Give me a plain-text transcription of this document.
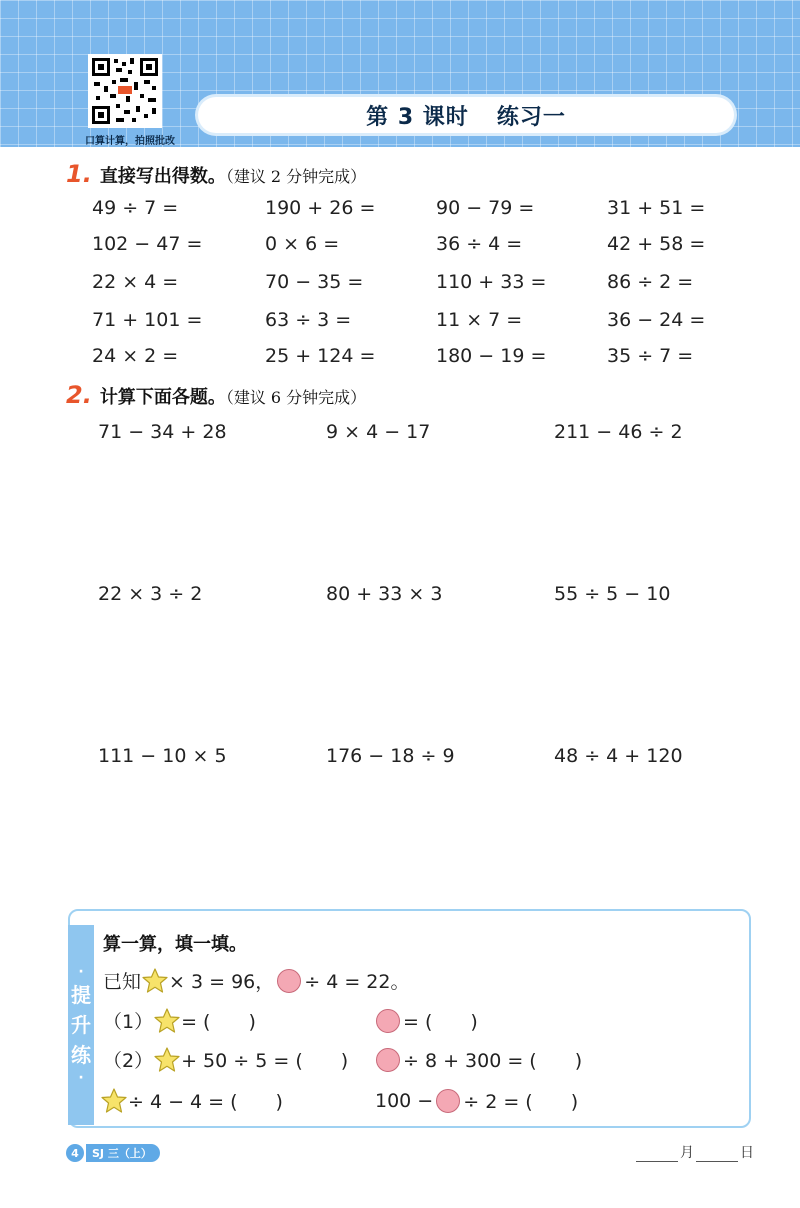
口算计算，拍照批改
第 3 课时 练习一
1. 直接写出得数。（建议 2 分钟完成）
49 ÷ 7 =	190 + 26 =	90 − 79 =	31 + 51 =
102 − 47 =	0 × 6 =	36 ÷ 4 =	42 + 58 =
22 × 4 =	70 − 35 =	110 + 33 =	86 ÷ 2 =
71 + 101 =	63 ÷ 3 =	11 × 7 =	36 − 24 =
24 × 2 =	25 + 124 =	180 − 19 =	35 ÷ 7 =
2. 计算下面各题。（建议 6 分钟完成）
71 − 34 + 28	9 × 4 − 17	211 − 46 ÷ 2
22 × 3 ÷ 2	80 + 33 × 3	55 ÷ 5 − 10
111 − 10 × 5	176 − 18 ÷ 9	48 ÷ 4 + 120
·
提
升
练
·
算一算，填一填。
已知 × 3 = 96， ÷ 4 = 22。
（1） = (　　)	= (　　)
（2） + 50 ÷ 5 = (　　)	÷ 8 + 300 = (　　)
÷ 4 − 4 = (　　)	100 − ÷ 2 = (　　)
4	SJ 三（上）	月	日
